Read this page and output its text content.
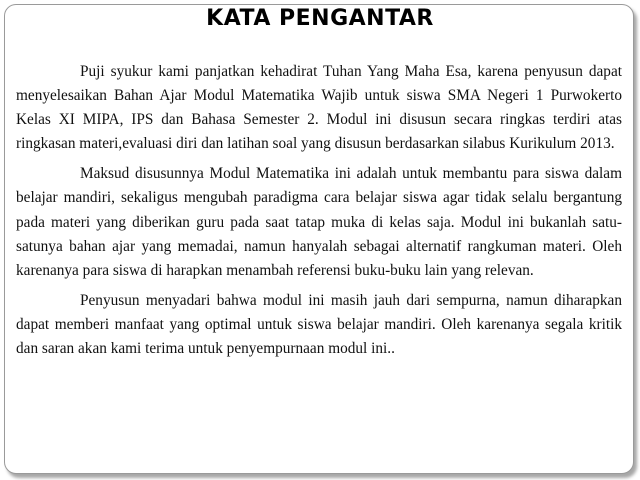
KATA PENGANTAR

Puji syukur kami panjatkan kehadirat Tuhan Yang Maha Esa, karena penyusun dapat menyelesaikan Bahan Ajar Modul Matematika Wajib untuk siswa SMA Negeri 1 Purwokerto Kelas XI MIPA, IPS dan Bahasa Semester 2. Modul ini disusun secara ringkas terdiri atas ringkasan materi,evaluasi diri dan latihan soal yang disusun berdasarkan silabus Kurikulum 2013.

Maksud disusunnya Modul Matematika ini adalah untuk membantu para siswa dalam belajar mandiri, sekaligus mengubah paradigma cara belajar siswa agar tidak selalu bergantung pada materi yang diberikan guru pada saat tatap muka di kelas saja. Modul ini bukanlah satu-satunya bahan ajar yang memadai, namun hanyalah sebagai alternatif rangkuman materi. Oleh karenanya para siswa di harapkan menambah referensi buku-buku lain yang relevan.

Penyusun menyadari bahwa modul ini masih jauh dari sempurna, namun diharapkan dapat memberi manfaat yang optimal untuk siswa belajar mandiri. Oleh karenanya segala kritik dan saran akan kami terima untuk penyempurnaan modul ini..
